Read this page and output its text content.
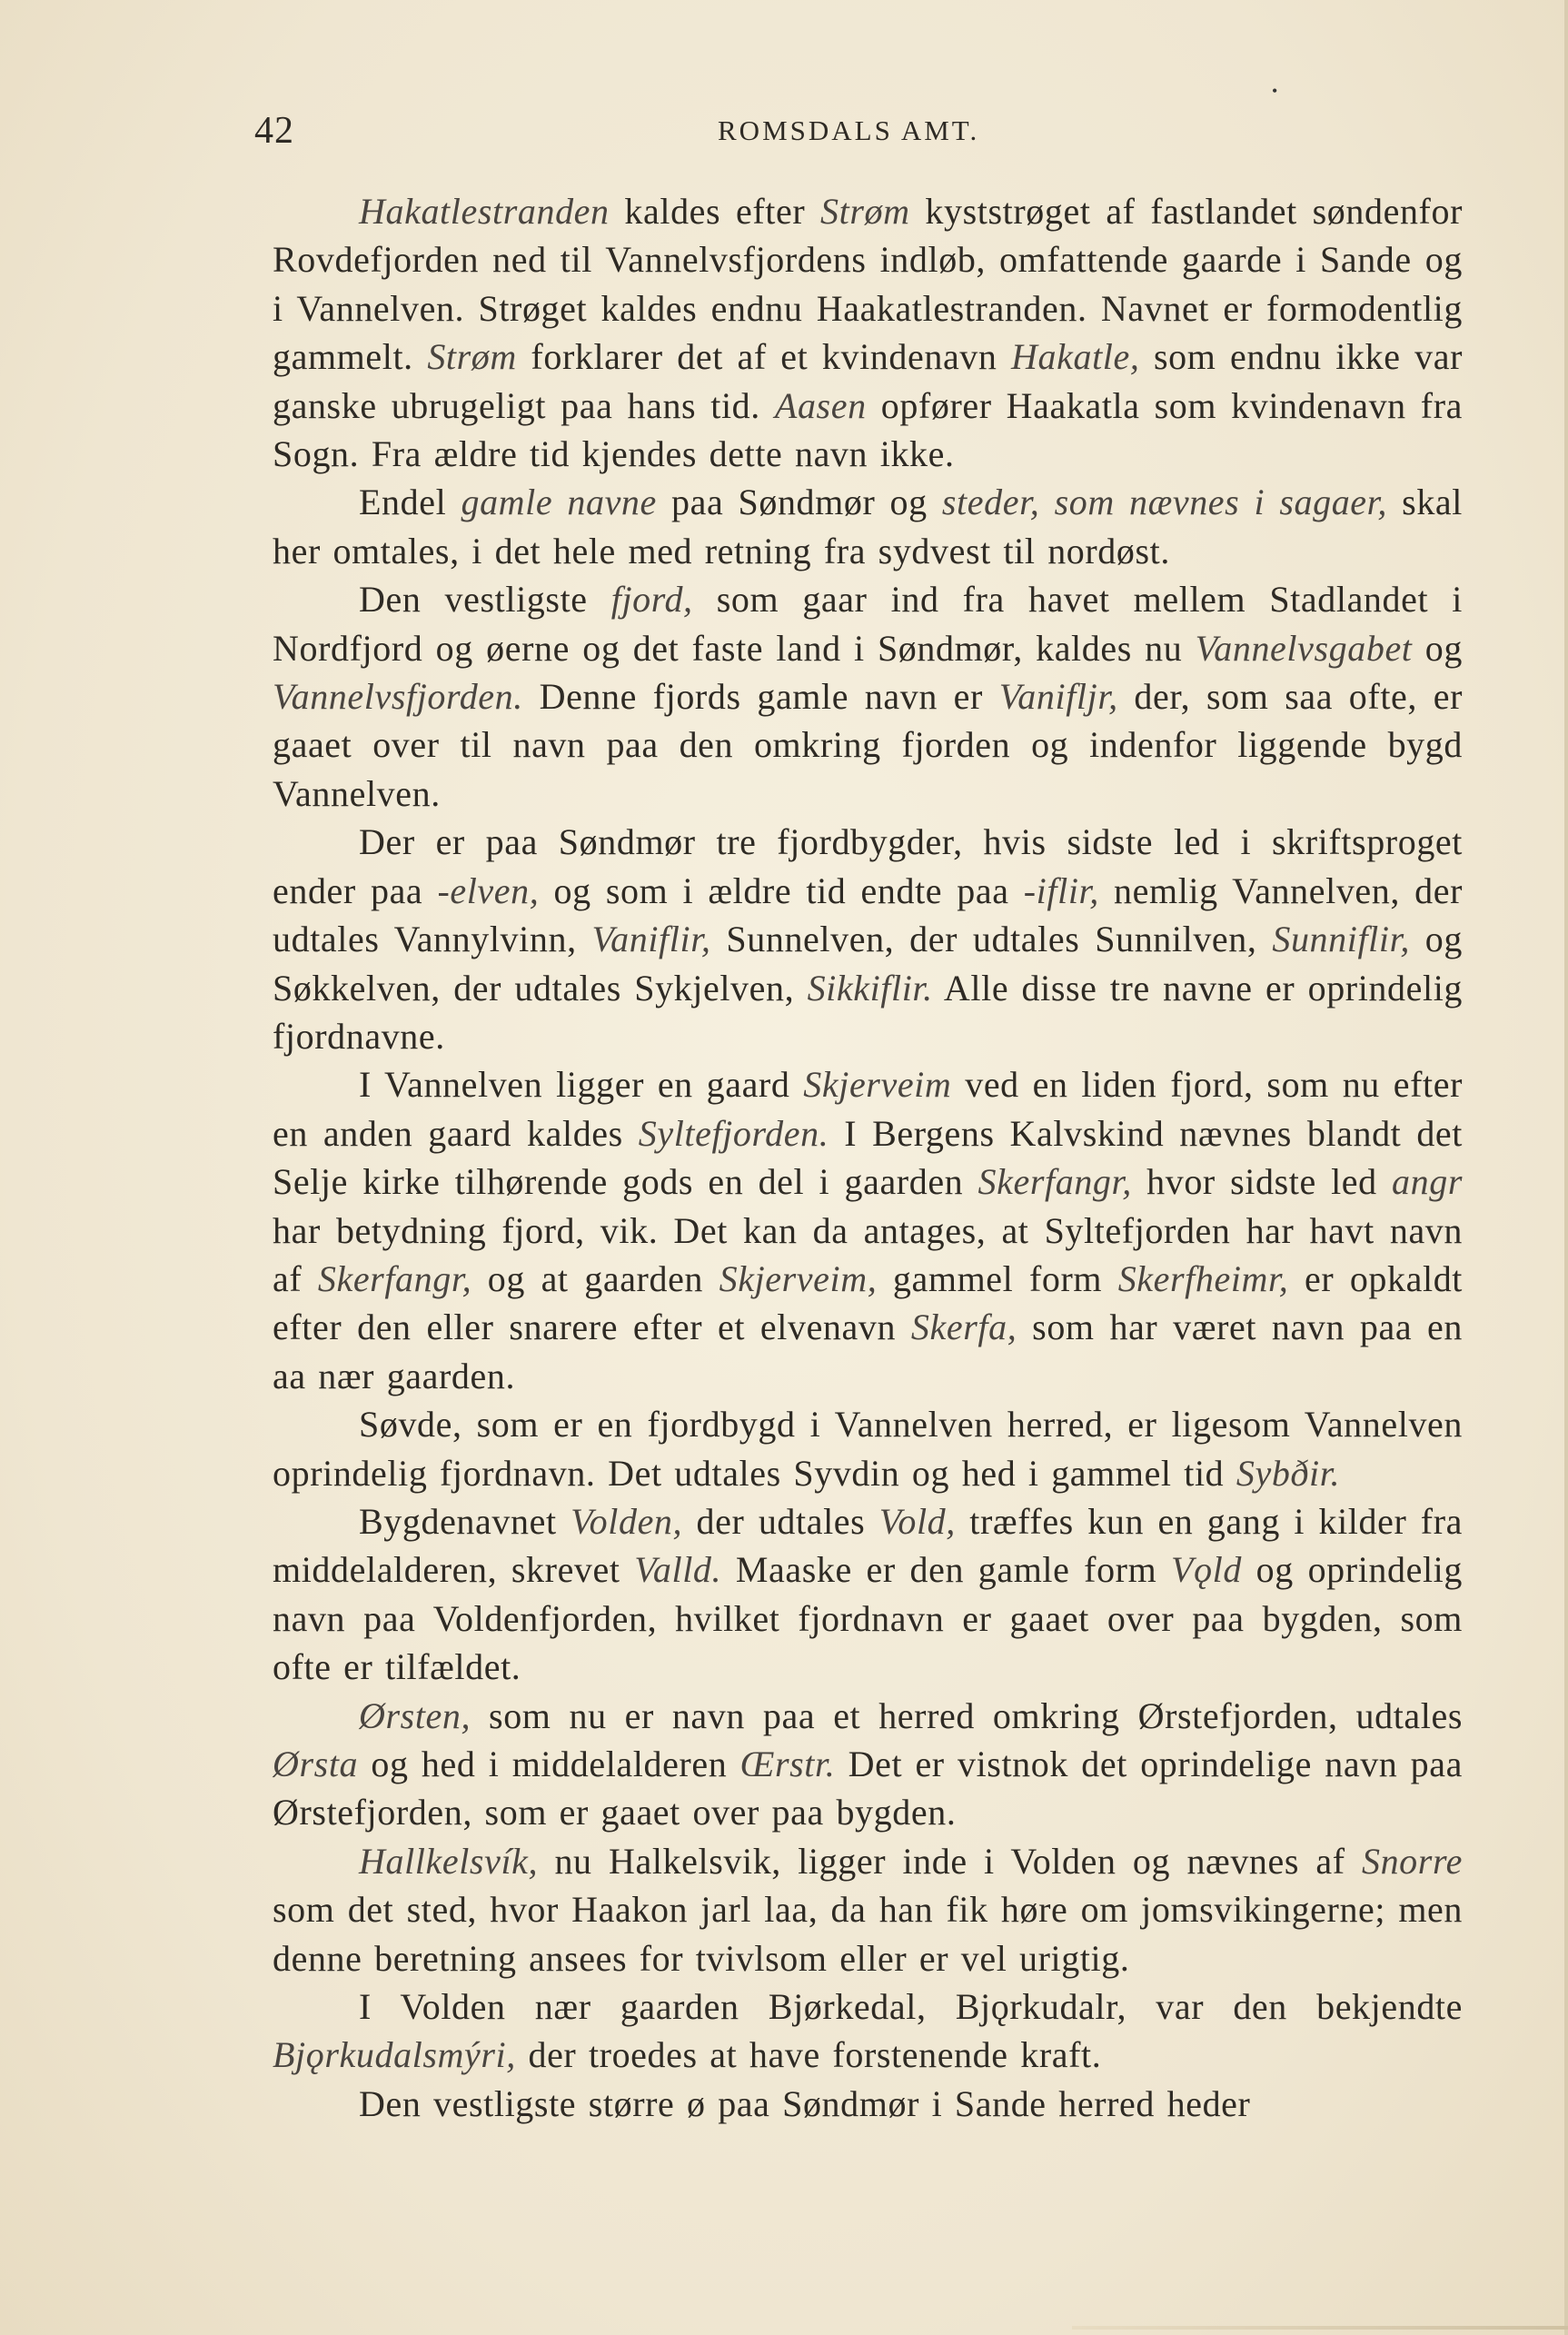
42	ROMSDALS AMT.
•

Hakatlestranden kaldes efter Strøm kyststrøget af fastlandet søndenfor Rovdefjorden ned til Vannelvsfjordens indløb, omfattende gaarde i Sande og i Vannelven. Strøget kaldes endnu Haakatlestranden. Navnet er formodentlig gammelt. Strøm forklarer det af et kvindenavn Hakatle, som endnu ikke var ganske ubrugeligt paa hans tid. Aasen opfører Haakatla som kvindenavn fra Sogn. Fra ældre tid kjendes dette navn ikke.

Endel gamle navne paa Søndmør og steder, som nævnes i sagaer, skal her omtales, i det hele med retning fra sydvest til nordøst.

Den vestligste fjord, som gaar ind fra havet mellem Stadlandet i Nordfjord og øerne og det faste land i Søndmør, kaldes nu Vannelvsgabet og Vannelvsfjorden. Denne fjords gamle navn er Vanifljr, der, som saa ofte, er gaaet over til navn paa den omkring fjorden og indenfor liggende bygd Vannelven.

Der er paa Søndmør tre fjordbygder, hvis sidste led i skriftsproget ender paa -elven, og som i ældre tid endte paa -iflir, nemlig Vannelven, der udtales Vannylvinn, Vaniflir, Sunnelven, der udtales Sunnilven, Sunniflir, og Søkkelven, der udtales Sykjelven, Sikkiflir. Alle disse tre navne er oprindelig fjordnavne.

I Vannelven ligger en gaard Skjerveim ved en liden fjord, som nu efter en anden gaard kaldes Syltefjorden. I Bergens Kalvskind nævnes blandt det Selje kirke tilhørende gods en del i gaarden Skerfangr, hvor sidste led angr har betydning fjord, vik. Det kan da antages, at Syltefjorden har havt navn af Skerfangr, og at gaarden Skjerveim, gammel form Skerfheimr, er opkaldt efter den eller snarere efter et elvenavn Skerfa, som har været navn paa en aa nær gaarden.

Søvde, som er en fjordbygd i Vannelven herred, er ligesom Vannelven oprindelig fjordnavn. Det udtales Syvdin og hed i gammel tid Sybðir.

Bygdenavnet Volden, der udtales Vold, træffes kun en gang i kilder fra middelalderen, skrevet Valld. Maaske er den gamle form Vǫld og oprindelig navn paa Voldenfjorden, hvilket fjordnavn er gaaet over paa bygden, som ofte er tilfældet.

Ørsten, som nu er navn paa et herred omkring Ørstefjorden, udtales Ørsta og hed i middelalderen Œrstr. Det er vistnok det oprindelige navn paa Ørstefjorden, som er gaaet over paa bygden.

Hallkelsvík, nu Halkelsvik, ligger inde i Volden og nævnes af Snorre som det sted, hvor Haakon jarl laa, da han fik høre om jomsvikingerne; men denne beretning ansees for tvivlsom eller er vel urigtig.

I Volden nær gaarden Bjørkedal, Bjǫrkudalr, var den bekjendte Bjǫrkudalsmýri, der troedes at have forstenende kraft.

Den vestligste større ø paa Søndmør i Sande herred heder
